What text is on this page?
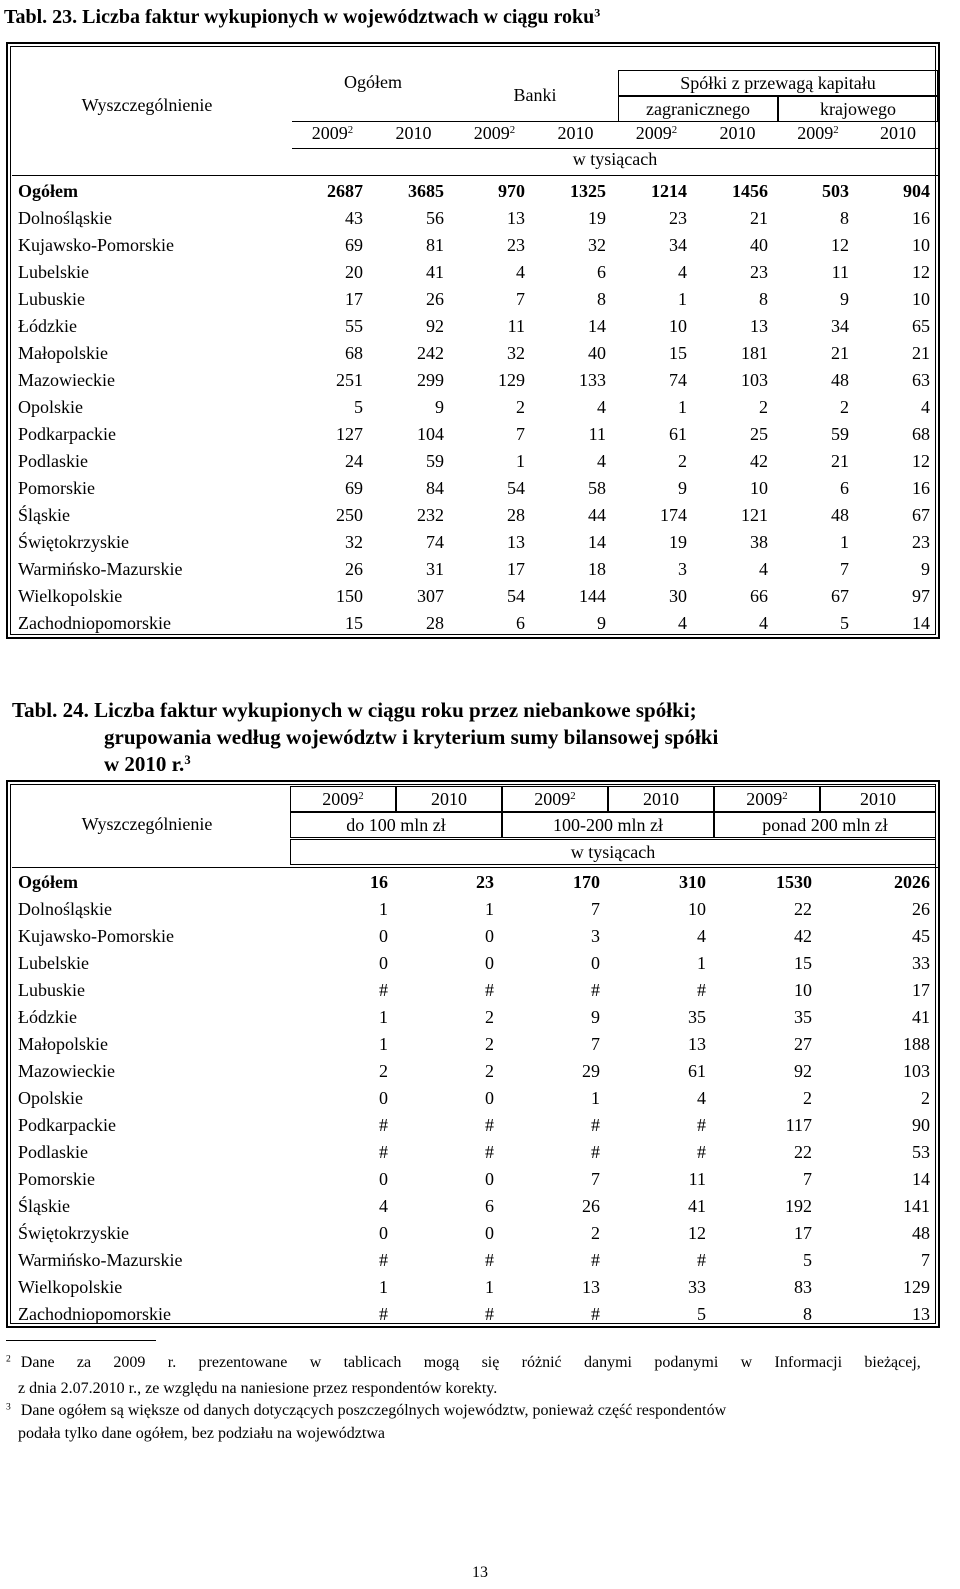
Tabl. 23. Liczba faktur wykupionych w województwach w ciągu roku$^3$
Wyszczególnienie
Ogółem
Banki
Spółki z przewagą kapitału
zagranicznego	krajowego
2009$^2$	2010	2009$^2$	2010	2009$^2$	2010	2009$^2$	2010
w tysiącach
Ogółem	2687	3685	970	1325	1214	1456	503	904
Dolnośląskie	43	56	13	19	23	21	8	16
Kujawsko-Pomorskie	69	81	23	32	34	40	12	10
Lubelskie	20	41	4	6	4	23	11	12
Lubuskie	17	26	7	8	1	8	9	10
Łódzkie	55	92	11	14	10	13	34	65
Małopolskie	68	242	32	40	15	181	21	21
Mazowieckie	251	299	129	133	74	103	48	63
Opolskie	5	9	2	4	1	2	2	4
Podkarpackie	127	104	7	11	61	25	59	68
Podlaskie	24	59	1	4	2	42	21	12
Pomorskie	69	84	54	58	9	10	6	16
Śląskie	250	232	28	44	174	121	48	67
Świętokrzyskie	32	74	13	14	19	38	1	23
Warmińsko-Mazurskie	26	31	17	18	3	4	7	9
Wielkopolskie	150	307	54	144	30	66	67	97
Zachodniopomorskie	15	28	6	9	4	4	5	14
Tabl. 24. Liczba faktur wykupionych w ciągu roku przez niebankowe spółki;
grupowania według województw i kryterium sumy bilansowej spółki
w 2010 r.$^3$
Wyszczególnienie
2009$^2$	2010	2009$^2$	2010	2009$^2$	2010
do 100 mln zł	100-200 mln zł	ponad 200 mln zł
w tysiącach
Ogółem	16	23	170	310	1530	2026
Dolnośląskie	1	1	7	10	22	26
Kujawsko-Pomorskie	0	0	3	4	42	45
Lubelskie	0	0	0	1	15	33
Lubuskie	#	#	#	#	10	17
Łódzkie	1	2	9	35	35	41
Małopolskie	1	2	7	13	27	188
Mazowieckie	2	2	29	61	92	103
Opolskie	0	0	1	4	2	2
Podkarpackie	#	#	#	#	117	90
Podlaskie	#	#	#	#	22	53
Pomorskie	0	0	7	11	7	14
Śląskie	4	6	26	41	192	141
Świętokrzyskie	0	0	2	12	17	48
Warmińsko-Mazurskie	#	#	#	#	5	7
Wielkopolskie	1	1	13	33	83	129
Zachodniopomorskie	#	#	#	5	8	13
$^2$ Dane za 2009 r. prezentowane w tablicach mogą się różnić danymi podanymi w Informacji bieżącej,
z dnia 2.07.2010 r., ze względu na naniesione przez respondentów korekty.
$^3$ Dane ogółem są większe od danych dotyczących poszczególnych województw, ponieważ część respondentów
podała tylko dane ogółem, bez podziału na województwa
13
